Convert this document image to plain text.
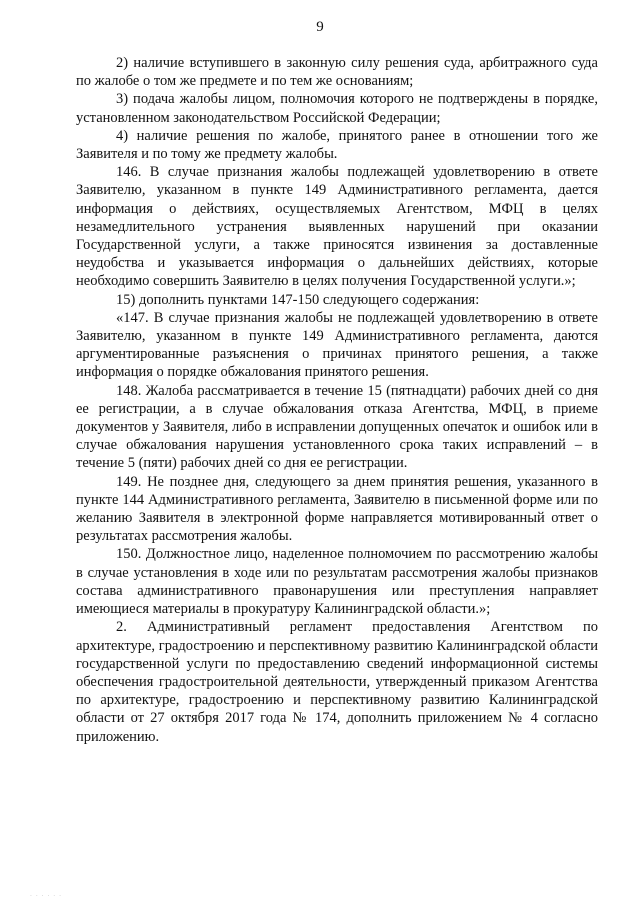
9

2) наличие вступившего в законную силу решения суда, арбитражного суда по жалобе о том же предмете и по тем же основаниям;

3) подача жалобы лицом, полномочия которого не подтверждены в порядке, установленном законодательством Российской Федерации;

4) наличие решения по жалобе, принятого ранее в отношении того же Заявителя и по тому же предмету жалобы.

146. В случае признания жалобы подлежащей удовлетворению в ответе Заявителю, указанном в пункте 149 Административного регламента, дается информация о действиях, осуществляемых Агентством, МФЦ в целях незамедлительного устранения выявленных нарушений при оказании Государственной услуги, а также приносятся извинения за доставленные неудобства и указывается информация о дальнейших действиях, которые необходимо совершить Заявителю в целях получения Государственной услуги.»;

15) дополнить пунктами 147-150 следующего содержания:

«147. В случае признания жалобы не подлежащей удовлетворению в ответе Заявителю, указанном в пункте 149 Административного регламента, даются аргументированные разъяснения о причинах принятого решения, а также информация о порядке обжалования принятого решения.

148. Жалоба рассматривается в течение 15 (пятнадцати) рабочих дней со дня ее регистрации, а в случае обжалования отказа Агентства, МФЦ, в приеме документов у Заявителя, либо в исправлении допущенных опечаток и ошибок или в случае обжалования нарушения установленного срока таких исправлений – в течение 5 (пяти) рабочих дней со дня ее регистрации.

149. Не позднее дня, следующего за днем принятия решения, указанного в пункте 144 Административного регламента, Заявителю в письменной форме или по желанию Заявителя в электронной форме направляется мотивированный ответ о результатах рассмотрения жалобы.

150. Должностное лицо, наделенное полномочием по рассмотрению жалобы в случае установления в ходе или по результатам рассмотрения жалобы признаков состава административного правонарушения или преступления направляет имеющиеся материалы в прокуратуру Калининградской области.»;

2. Административный регламент предоставления Агентством по архитектуре, градостроению и перспективному развитию Калининградской области государственной услуги по предоставлению сведений информационной системы обеспечения градостроительной деятельности, утвержденный приказом Агентства по архитектуре, градостроению и перспективному развитию Калининградской области от 27 октября 2017 года № 174, дополнить приложением № 4 согласно приложению.

· · · · · ·
